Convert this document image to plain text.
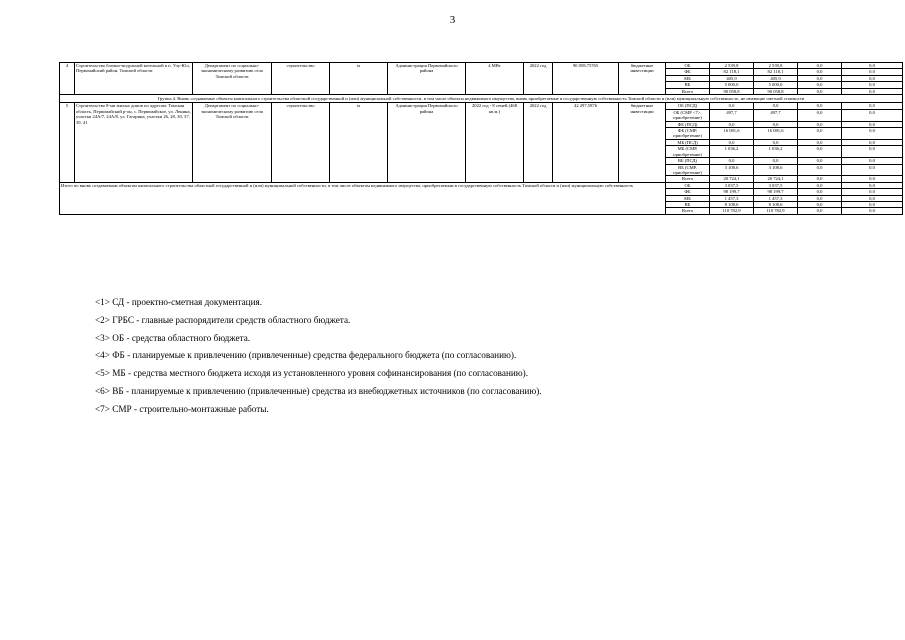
3
4	Строительство блочно-модульной котельной в п. Улу-Юл, Первомайский район, Томской области	Департамент по социально-экономическому развитию села Томской области	строительство	м	Администрация Первомайского района	4 МВт	2022 год	90 058,75765	бюджетные инвестиции	ОБ	2 539,8	2 539,8	0,0	0,0
										ФБ	82 118,1	82 118,1	0,0	0,0
										МБ	405,9	405,9	0,0	0,0
										ВБ	5 000,0	5 000,0	0,0	0,0
										Всего	90 058,8	90 058,8	0,0	0,0
Группа 4. Вновь создаваемые объекты капитального строительства областной государственной и (или) муниципальной собственности, в том числе объекты недвижимого имущества, вновь приобретаемые в государственную собственность Томской области и (или) муниципальную собственность, не имеющие сметной стоимости														
5	Строительство 8-ми жилых домов по адресам: Томская область, Первомайский р-он, с. Первомайское, ул. Ленина, участки 24А/7, 24А/8, ул. Гагарина, участки 26, 28, 30, 37, 39, 41	Департамент по социально-экономическому развитию села Томской области	строительство	м	Администрация Первомайского района	2022 год - 8 семей (468 кв.м.)	2022 год	42 297,5876	бюджетные инвестиции	ОБ (ПСД)	0,0	0,0	0,0	0,0
										ОБ (СМР <7>, приобретение)	497,7	497,7	0,0	0,0
										ФБ (ПСД)	0,0	0,0	0,0	0,0
										ФБ (СМР, приобретение)	16 081,6	16 081,6	0,0	0,0
										МБ (ПСД)	0,0	0,0	0,0	0,0
										МБ (СМР, приобретение)	1 036,2	1 036,2	0,0	0,0
										ВБ (ПСД)	0,0	0,0	0,0	0,0
										ВБ (СМР, приобретение)	3 108,6	3 108,6	0,0	0,0
										Всего	20 724,1	20 724,1	0,0	0,0
Итого по вновь создаваемым объектам капитального строительства областной государственной и (или) муниципальной собственности, в том числе объектам недвижимого имущества, приобретаемым в государственную собственность Томской области и (или) муниципальную собственность										ОБ	3 037,5	3 037,5	0,0	0,0
										ФБ	98 199,7	98 199,7	0,0	0,0
										МБ	1 457,3	1 457,3	0,0	0,0
										ВБ	8 108,6	8 108,6	0,0	0,0
										Всего	110 782,9	110 782,9	0,0	0,0
<1> СД - проектно-сметная документация.
<2> ГРБС - главные распорядители средств областного бюджета.
<3> ОБ - средства областного бюджета.
<4> ФБ - планируемые к привлечению (привлеченные) средства федерального бюджета (по согласованию).
<5> МБ - средства местного бюджета исходя из установленного уровня софинансирования (по согласованию).
<6> ВБ - планируемые к привлечению (привлеченные) средства из внебюджетных источников (по согласованию).
<7> СМР - строительно-монтажные работы.
